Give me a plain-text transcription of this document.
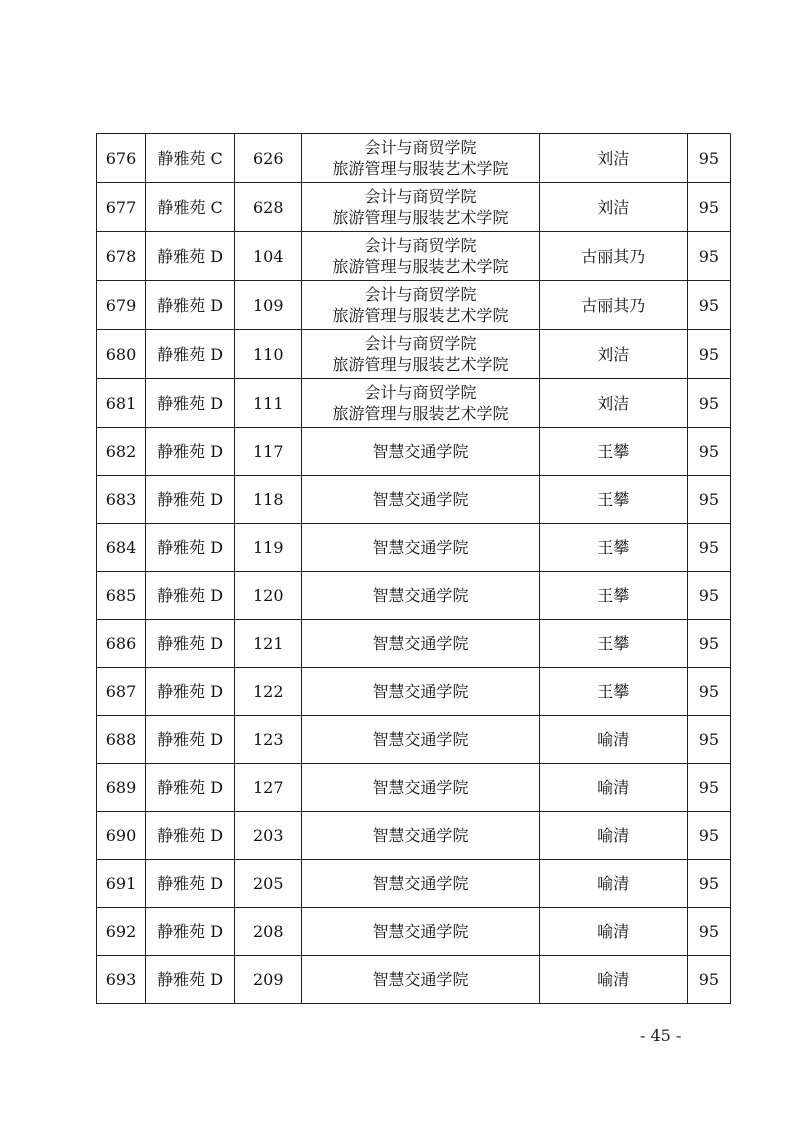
676	静雅苑 C	626	会计与商贸学院
旅游管理与服装艺术学院	刘洁	95
677	静雅苑 C	628	会计与商贸学院
旅游管理与服装艺术学院	刘洁	95
678	静雅苑 D	104	会计与商贸学院
旅游管理与服装艺术学院	古丽其乃	95
679	静雅苑 D	109	会计与商贸学院
旅游管理与服装艺术学院	古丽其乃	95
680	静雅苑 D	110	会计与商贸学院
旅游管理与服装艺术学院	刘洁	95
681	静雅苑 D	111	会计与商贸学院
旅游管理与服装艺术学院	刘洁	95
682	静雅苑 D	117	智慧交通学院	王攀	95
683	静雅苑 D	118	智慧交通学院	王攀	95
684	静雅苑 D	119	智慧交通学院	王攀	95
685	静雅苑 D	120	智慧交通学院	王攀	95
686	静雅苑 D	121	智慧交通学院	王攀	95
687	静雅苑 D	122	智慧交通学院	王攀	95
688	静雅苑 D	123	智慧交通学院	喻清	95
689	静雅苑 D	127	智慧交通学院	喻清	95
690	静雅苑 D	203	智慧交通学院	喻清	95
691	静雅苑 D	205	智慧交通学院	喻清	95
692	静雅苑 D	208	智慧交通学院	喻清	95
693	静雅苑 D	209	智慧交通学院	喻清	95
- 45 -
